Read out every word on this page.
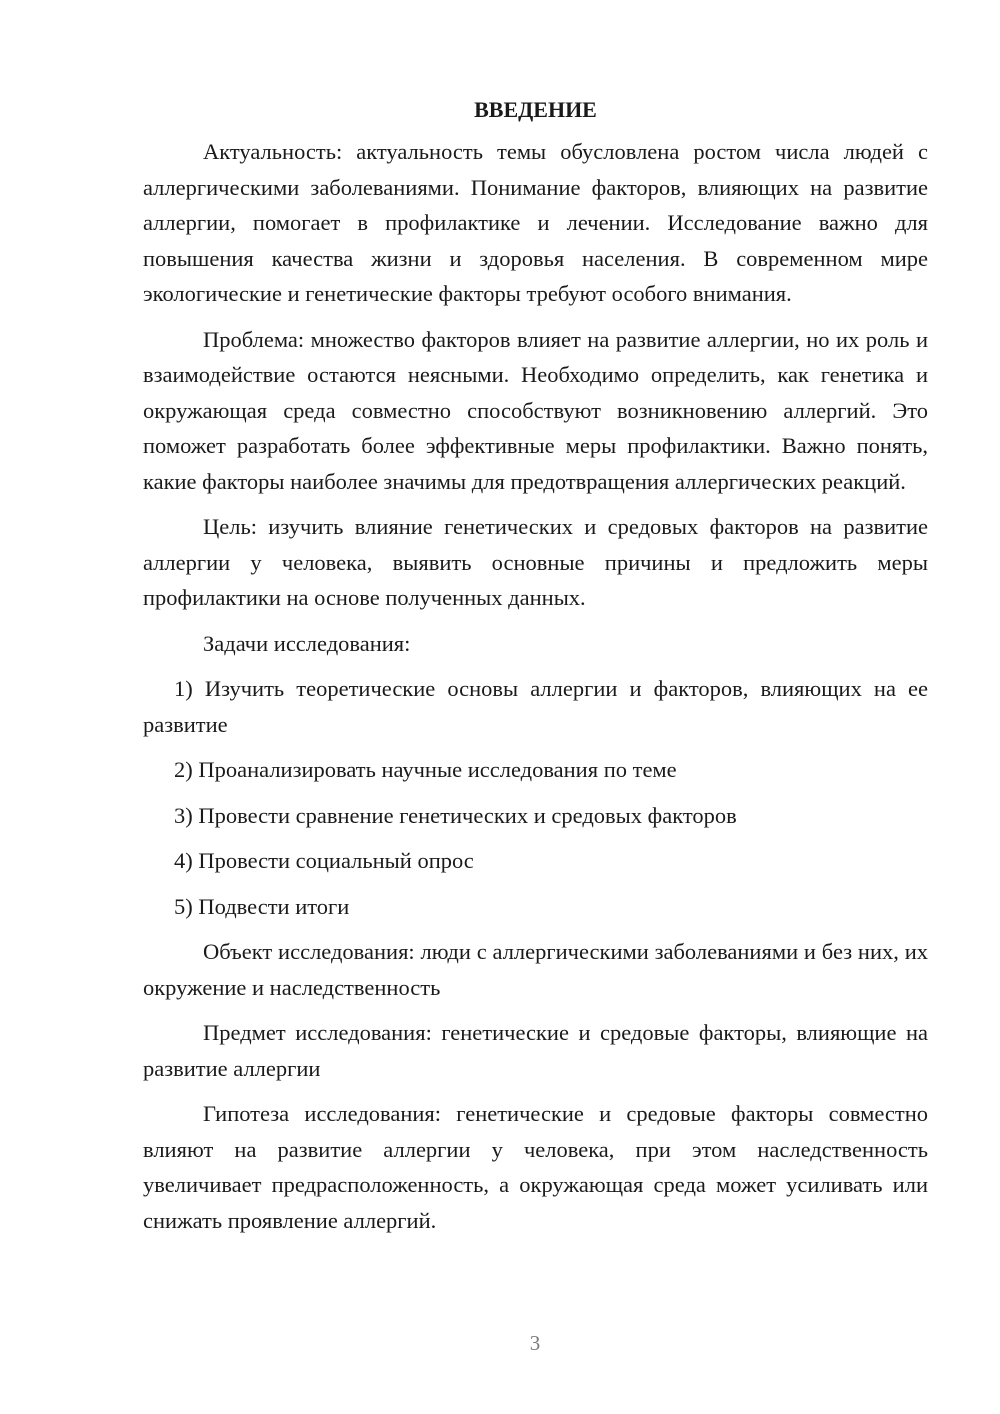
ВВЕДЕНИЕ

Актуальность: актуальность темы обусловлена ростом числа людей с аллергическими заболеваниями. Понимание факторов, влияющих на развитие аллергии, помогает в профилактике и лечении. Исследование важно для повышения качества жизни и здоровья населения. В современном мире экологические и генетические факторы требуют особого внимания.

Проблема: множество факторов влияет на развитие аллергии, но их роль и взаимодействие остаются неясными. Необходимо определить, как генетика и окружающая среда совместно способствуют возникновению аллергий. Это поможет разработать более эффективные меры профилактики. Важно понять, какие факторы наиболее значимы для предотвращения аллергических реакций.

Цель: изучить влияние генетических и средовых факторов на развитие аллергии у человека, выявить основные причины и предложить меры профилактики на основе полученных данных.

Задачи исследования:

1) Изучить теоретические основы аллергии и факторов, влияющих на ее развитие
2) Проанализировать научные исследования по теме
3) Провести сравнение генетических и средовых факторов
4) Провести социальный опрос
5) Подвести итоги

Объект исследования: люди с аллергическими заболеваниями и без них, их окружение и наследственность

Предмет исследования: генетические и средовые факторы, влияющие на развитие аллергии

Гипотеза исследования: генетические и средовые факторы совместно влияют на развитие аллергии у человека, при этом наследственность увеличивает предрасположенность, а окружающая среда может усиливать или снижать проявление аллергий.

3
